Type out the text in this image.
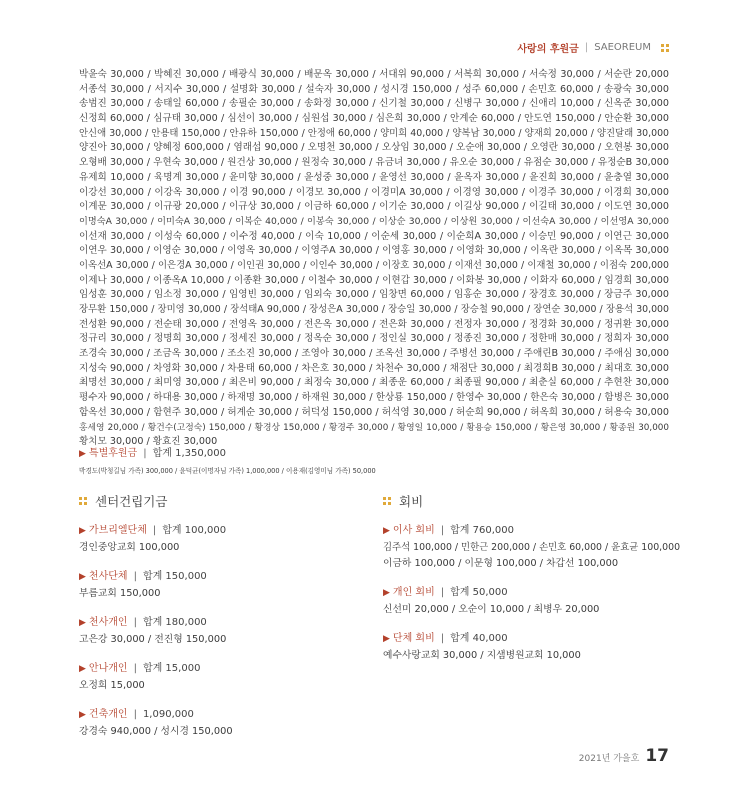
사랑의 후원금 | SAEOREUM
박윤숙 30,000 / 박혜진 30,000 / 배광식 30,000 / 배문옥 30,000 / 서대위 90,000 / 서복희 30,000 / 서숙정 30,000 / 서순란 20,000
서종석 30,000 / 서지수 30,000 / 설명화 30,000 / 설숙자 30,000 / 성시경 150,000 / 성주 60,000 / 손민호 60,000 / 송광숙 30,000
송범진 30,000 / 송태일 60,000 / 송필순 30,000 / 송화정 30,000 / 신기철 30,000 / 신병구 30,000 / 신애리 10,000 / 신옥준 30,000
신정희 60,000 / 심규태 30,000 / 심선이 30,000 / 심원섭 30,000 / 심은희 30,000 / 안계순 60,000 / 안도연 150,000 / 안순환 30,000
안신애 30,000 / 안용태 150,000 / 안유하 150,000 / 안정애 60,000 / 양미희 40,000 / 양복남 30,000 / 양재희 20,000 / 양진달래 30,000
양진아 30,000 / 양혜정 600,000 / 염래섭 90,000 / 오명천 30,000 / 오상임 30,000 / 오순애 30,000 / 오영란 30,000 / 오현봉 30,000
오형배 30,000 / 우현숙 30,000 / 원건상 30,000 / 원정숙 30,000 / 유금녀 30,000 / 유오순 30,000 / 유점순 30,000 / 유정순B 30,000
유제희 10,000 / 육명계 30,000 / 윤미향 30,000 / 윤성중 30,000 / 윤영선 30,000 / 윤옥자 30,000 / 윤진희 30,000 / 윤충열 30,000
이강선 30,000 / 이강옥 30,000 / 이경 90,000 / 이경모 30,000 / 이경미A 30,000 / 이경영 30,000 / 이경주 30,000 / 이경희 30,000
이계문 30,000 / 이규광 20,000 / 이규상 30,000 / 이금하 60,000 / 이기순 30,000 / 이길상 90,000 / 이길태 30,000 / 이도연 30,000
이명숙A 30,000 / 이미숙A 30,000 / 이복순 40,000 / 이봉숙 30,000 / 이상순 30,000 / 이상원 30,000 / 이선숙A 30,000 / 이선영A 30,000
이선재 30,000 / 이성숙 60,000 / 이수정 40,000 / 이숙 10,000 / 이순세 30,000 / 이순희A 30,000 / 이승민 90,000 / 이연근 30,000
이연우 30,000 / 이영순 30,000 / 이영옥 30,000 / 이영주A 30,000 / 이영홍 30,000 / 이영화 30,000 / 이옥란 30,000 / 이옥목 30,000
이옥선A 30,000 / 이은경A 30,000 / 이인권 30,000 / 이인수 30,000 / 이장호 30,000 / 이재선 30,000 / 이재철 30,000 / 이점숙 200,000
이제나 30,000 / 이종옥A 10,000 / 이종환 30,000 / 이철수 30,000 / 이현갑 30,000 / 이화봉 30,000 / 이화자 60,000 / 임경희 30,000
임성훈 30,000 / 임소정 30,000 / 임영빈 30,000 / 임외숙 30,000 / 임창면 60,000 / 임홍순 30,000 / 장경호 30,000 / 장금주 30,000
장무환 150,000 / 장미영 30,000 / 장석태A 90,000 / 장성은A 30,000 / 장승일 30,000 / 장승철 90,000 / 장연순 30,000 / 장용석 30,000
전성환 90,000 / 전순태 30,000 / 전영옥 30,000 / 전은옥 30,000 / 전은화 30,000 / 전정자 30,000 / 정경화 30,000 / 정귀환 30,000
정규리 30,000 / 정명희 30,000 / 정세진 30,000 / 정옥순 30,000 / 정인실 30,000 / 정종진 30,000 / 정한매 30,000 / 정희자 30,000
조경숙 30,000 / 조금옥 30,000 / 조소진 30,000 / 조영아 30,000 / 조옥선 30,000 / 주병선 30,000 / 주애린B 30,000 / 주애심 30,000
지성숙 90,000 / 차영화 30,000 / 차용태 60,000 / 차은호 30,000 / 차천수 30,000 / 채점단 30,000 / 최경희B 30,000 / 최대호 30,000
최명선 30,000 / 최미영 30,000 / 최은비 90,000 / 최정숙 30,000 / 최종운 60,000 / 최종필 90,000 / 최춘실 60,000 / 추현찬 30,000
평수자 90,000 / 하대용 30,000 / 하재명 30,000 / 하재원 30,000 / 한상룡 150,000 / 한영수 30,000 / 한은숙 30,000 / 함병은 30,000
함옥선 30,000 / 함현주 30,000 / 허계순 30,000 / 허덕성 150,000 / 허석영 30,000 / 허순희 90,000 / 허옥희 30,000 / 허용숙 30,000
홍세영 20,000 / 황건수(고정숙) 150,000 / 황경상 150,000 / 황경주 30,000 / 황영일 10,000 / 황용승 150,000 / 황은영 30,000 / 황종원 30,000
황치모 30,000 / 황효진 30,000
▶ 특별후원금 | 합계 1,350,000
박경도(박청길님 가족) 300,000 / 윤덕균(이명자님 가족) 1,000,000 / 이용재(김영미님 가족) 50,000
센터건립기금	회비
▶ 가브리엘단체 | 합계 100,000
경인중앙교회 100,000
▶ 천사단체 | 합계 150,000
부름교회 150,000
▶ 천사개인 | 합계 180,000
고은강 30,000 / 전진형 150,000
▶ 안나개인 | 합계 15,000
오정희 15,000
▶ 건축개인 | 1,090,000
강경숙 940,000 / 성시경 150,000
▶ 이사 회비 | 합계 760,000
김주석 100,000 / 민한근 200,000 / 손민호 60,000 / 윤효균 100,000
이금하 100,000 / 이문형 100,000 / 차갑선 100,000
▶ 개인 회비 | 합계 50,000
신선미 20,000 / 오순이 10,000 / 최병우 20,000
▶ 단체 회비 | 합계 40,000
예수사랑교회 30,000 / 지샘병원교회 10,000
2021년 가을호 17
